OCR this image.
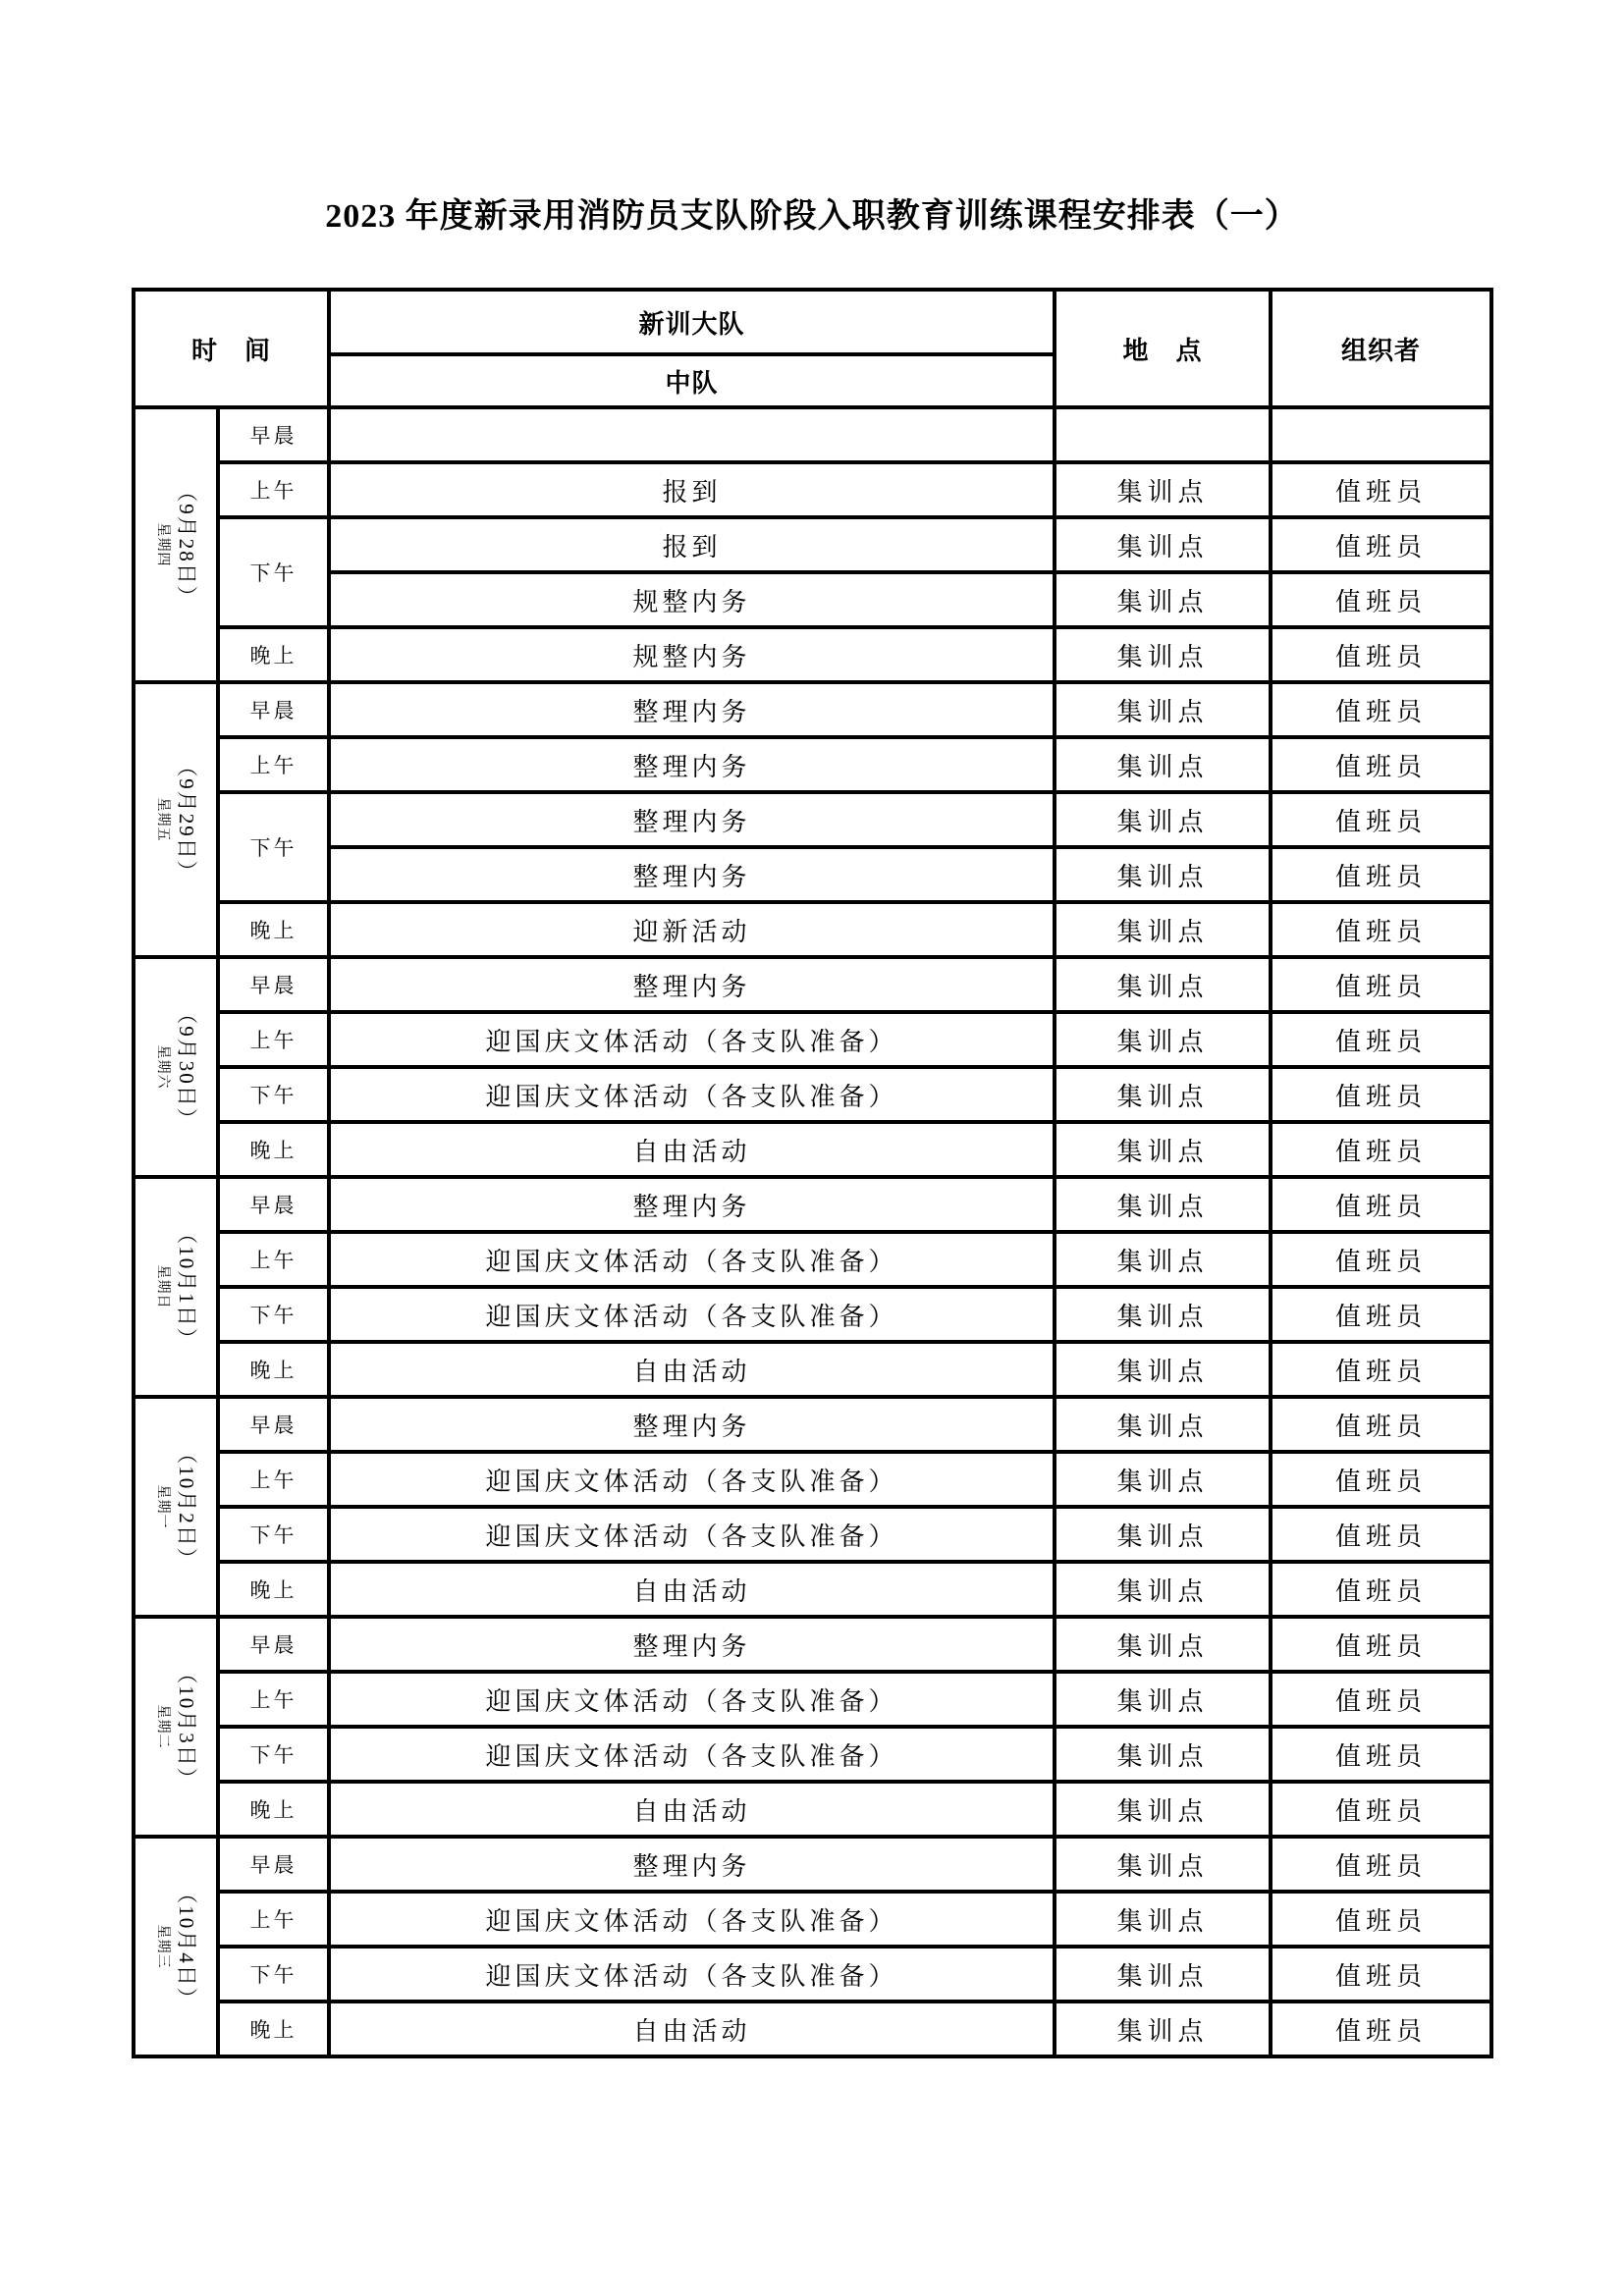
2023 年度新录用消防员支队阶段入职教育训练课程安排表（一）
时　间		新训大队	地　点	组织者
		中队		

（9月28日）
星期四	早晨			
	上午	报到	集训点	值班员
	下午	报到	集训点	值班员
		规整内务	集训点	值班员
	晚上	规整内务	集训点	值班员

（9月29日）
星期五	早晨	整理内务	集训点	值班员
	上午	整理内务	集训点	值班员
	下午	整理内务	集训点	值班员
		整理内务	集训点	值班员
	晚上	迎新活动	集训点	值班员

（9月30日）
星期六	早晨	整理内务	集训点	值班员
	上午	迎国庆文体活动（各支队准备）	集训点	值班员
	下午	迎国庆文体活动（各支队准备）	集训点	值班员
	晚上	自由活动	集训点	值班员

（10月1日）
星期日	早晨	整理内务	集训点	值班员
	上午	迎国庆文体活动（各支队准备）	集训点	值班员
	下午	迎国庆文体活动（各支队准备）	集训点	值班员
	晚上	自由活动	集训点	值班员

（10月2日）
星期一	早晨	整理内务	集训点	值班员
	上午	迎国庆文体活动（各支队准备）	集训点	值班员
	下午	迎国庆文体活动（各支队准备）	集训点	值班员
	晚上	自由活动	集训点	值班员

（10月3日）
星期二	早晨	整理内务	集训点	值班员
	上午	迎国庆文体活动（各支队准备）	集训点	值班员
	下午	迎国庆文体活动（各支队准备）	集训点	值班员
	晚上	自由活动	集训点	值班员

（10月4日）
星期三	早晨	整理内务	集训点	值班员
	上午	迎国庆文体活动（各支队准备）	集训点	值班员
	下午	迎国庆文体活动（各支队准备）	集训点	值班员
	晚上	自由活动	集训点	值班员
